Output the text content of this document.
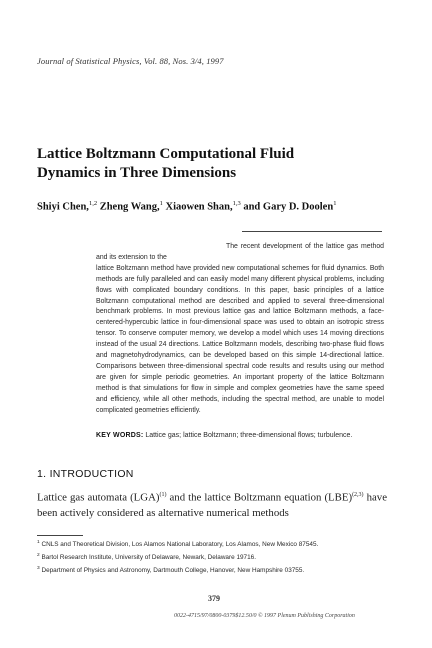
Journal of Statistical Physics, Vol. 88, Nos. 3/4, 1997
Lattice Boltzmann Computational Fluid
Dynamics in Three Dimensions
Shiyi Chen,$^{1,2}$ Zheng Wang,$^1$ Xiaowen Shan,$^{1,3}$ and Gary D. Doolen$^1$

The recent development of the lattice gas method and its extension to the

lattice Boltzmann method have provided new computational schemes for fluid dynamics. Both methods are fully paralleled and can easily model many different physical problems, including flows with complicated boundary conditions. In this paper, basic principles of a lattice Boltzmann computational method are described and applied to several three-dimensional benchmark problems. In most previous lattice gas and lattice Boltzmann methods, a face-centered-hypercubic lattice in four-dimensional space was used to obtain an isotropic stress tensor. To conserve computer memory, we develop a model which uses 14 moving directions instead of the usual 24 directions. Lattice Boltzmann models, describing two-phase fluid flows and magnetohydrodynamics, can be developed based on this simple 14-directional lattice. Comparisons between three-dimensional spectral code results and results using our method are given for simple periodic geometries. An important property of the lattice Boltzmann method is that simulations for flow in simple and complex geometries have the same speed and efficiency, while all other methods, including the spectral method, are unable to model complicated geometries efficiently.

KEY WORDS: Lattice gas; lattice Boltzmann; three-dimensional flows; turbulence.
1. INTRODUCTION
Lattice gas automata (LGA)$^{(1)}$ and the lattice Boltzmann equation (LBE)$^{(2,3)}$ have been actively considered as alternative numerical methods
$^1$ CNLS and Theoretical Division, Los Alamos National Laboratory, Los Alamos, New Mexico 87545.
$^2$ Bartol Research Institute, University of Delaware, Newark, Delaware 19716.
$^3$ Department of Physics and Astronomy, Dartmouth College, Hanover, New Hampshire 03755.
379
0022-4715/97/0800-0379$12.50/0 © 1997 Plenum Publishing Corporation
